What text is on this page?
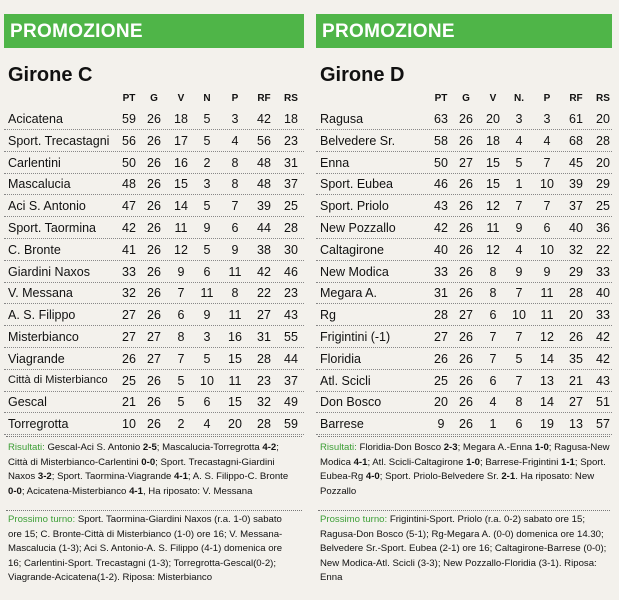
PROMOZIONE
Girone C
PT	G	V	N	P	RF	RS
Acicatena	59 26	18	5	3	42	18
Sport. Trecastagni	56 26	17	5	4	56	23
Carlentini	50 26	16	2	8	48	31
Mascalucia	48 26	15	3	8	48	37
Aci S. Antonio	47 26	14	5	7	39	25
Sport. Taormina	42 26	11	9	6	44	28
C. Bronte	41 26	12	5	9	38	30
Giardini Naxos	33 26	9	6	11	42	46
V. Messana	32 26	7	11	8	22	23
A. S. Filippo	27 26	6	9	11	27	43
Misterbianco	27 27	8	3	16	31	55
Viagrande	26 27	7	5	15	28	44
Città di Misterbianco	25 26	5	10	11	23	37
Gescal	21 26	5	6	15	32	49
Torregrotta	10 26	2	4	20	28	59

Risultati: Gescal-Aci S. Antonio 2-5; Mascalucia-Torregrotta 4-2; Città di Misterbianco-Carlentini 0-0; Sport. Trecastagni-Giardini Naxos 3-2; Sport. Taormina-Viagrande 4-1; A. S. Filippo-C. Bronte 0-0; Acicatena-Misterbianco 4-1, Ha riposato: V. Messana

Prossimo turno: Sport. Taormina-Giardini Naxos (r.a. 1-0) sabato ore 15; C. Bronte-Città di Misterbianco (1-0) ore 16; V. Messana-Mascalucia (1-3); Aci S. Antonio-A. S. Filippo (4-1) domenica ore 16; Carlentini-Sport. Trecastagni (1-3); Torregrotta-Gescal(0-2); Viagrande-Acicatena(1-2). Riposa: Misterbianco

PROMOZIONE
Girone D
PT	G	V	N.	P	RF	RS
Ragusa	63 26	20	3	3	61	20
Belvedere Sr.	58 26	18	4	4	68	28
Enna	50 27	15	5	7	45	20
Sport. Eubea	46 26	15	1	10	39	29
Sport. Priolo	43 26	12	7	7	37	25
New Pozzallo	42 26	11	9	6	40	36
Caltagirone	40 26	12	4	10	32	22
New Modica	33 26	8	9	9	29	33
Megara A.	31 26	8	7	11	28	40
Rg	28 27	6	10	11	20	33
Frigintini (-1)	27 26	7	7	12	26	42
Floridia	26 26	7	5	14	35	42
Atl. Scicli	25 26	6	7	13	21	43
Don Bosco	20 26	4	8	14	27	51
Barrese	9	26	1	6	19	13	57

Risultati: Floridia-Don Bosco 2-3; Megara A.-Enna 1-0; Ragusa-New Modica 4-1; Atl. Scicli-Caltagirone 1-0; Barrese-Frigintini 1-1; Sport. Eubea-Rg 4-0; Sport. Priolo-Belvedere Sr. 2-1. Ha riposato: New Pozzallo

Prossimo turno: Frigintini-Sport. Priolo (r.a. 0-2) sabato ore 15; Ragusa-Don Bosco (5-1); Rg-Megara A. (0-0) domenica ore 14.30; Belvedere Sr.-Sport. Eubea (2-1) ore 16; Caltagirone-Barrese (0-0); New Modica-Atl. Scicli (3-3); New Pozzallo-Floridia (3-1). Riposa: Enna
